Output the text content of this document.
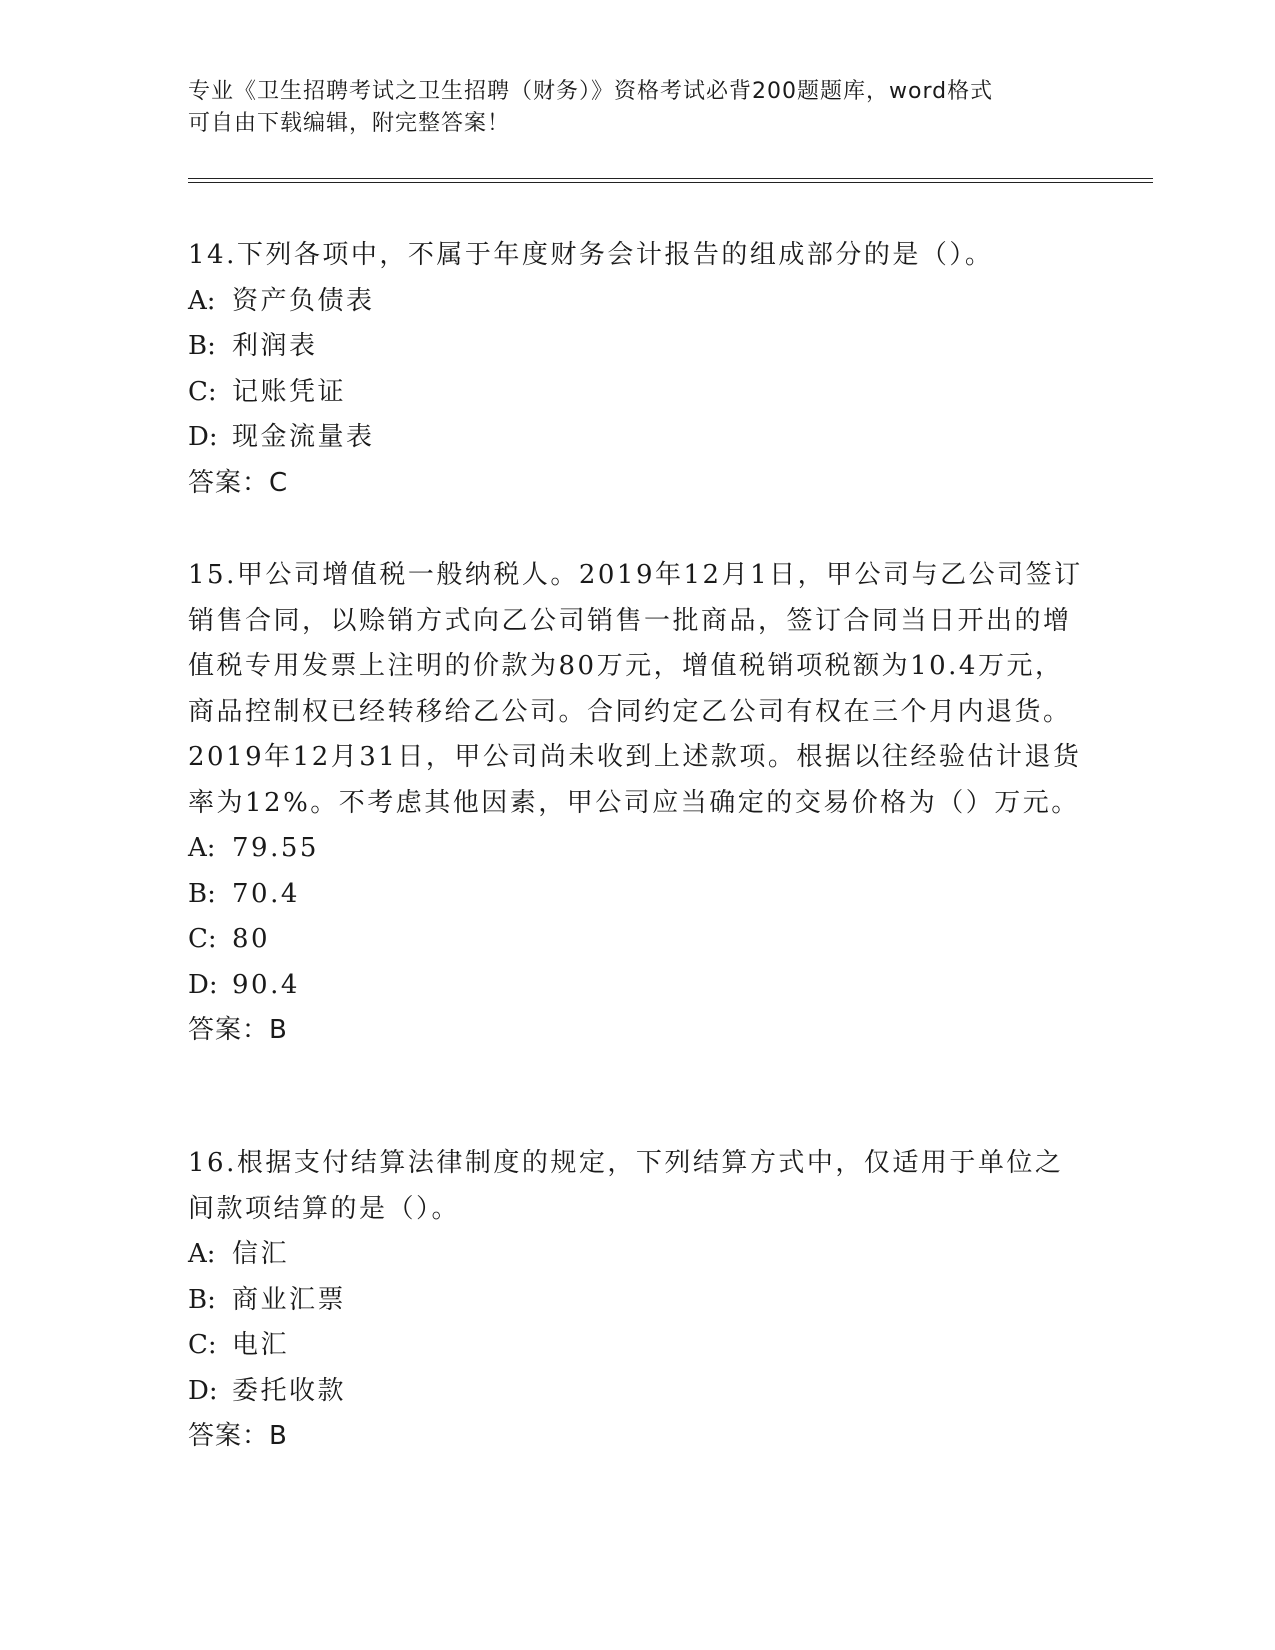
专业《卫生招聘考试之卫生招聘（财务）》资格考试必背200题题库，word格式
可自由下载编辑，附完整答案！

14.下列各项中，不属于年度财务会计报告的组成部分的是（）。

A: 资产负债表

B: 利润表

C: 记账凭证

D: 现金流量表

答案：C

15.甲公司增值税一般纳税人。2019年12月1日，甲公司与乙公司签订销售合同，以赊销方式向乙公司销售一批商品，签订合同当日开出的增值税专用发票上注明的价款为80万元，增值税销项税额为10.4万元，商品控制权已经转移给乙公司。合同约定乙公司有权在三个月内退货。2019年12月31日，甲公司尚未收到上述款项。根据以往经验估计退货率为12%。不考虑其他因素，甲公司应当确定的交易价格为（）万元。

A: 79.55

B: 70.4

C: 80

D: 90.4

答案：B

16.根据支付结算法律制度的规定，下列结算方式中，仅适用于单位之间款项结算的是（）。

A: 信汇

B: 商业汇票

C: 电汇

D: 委托收款

答案：B
